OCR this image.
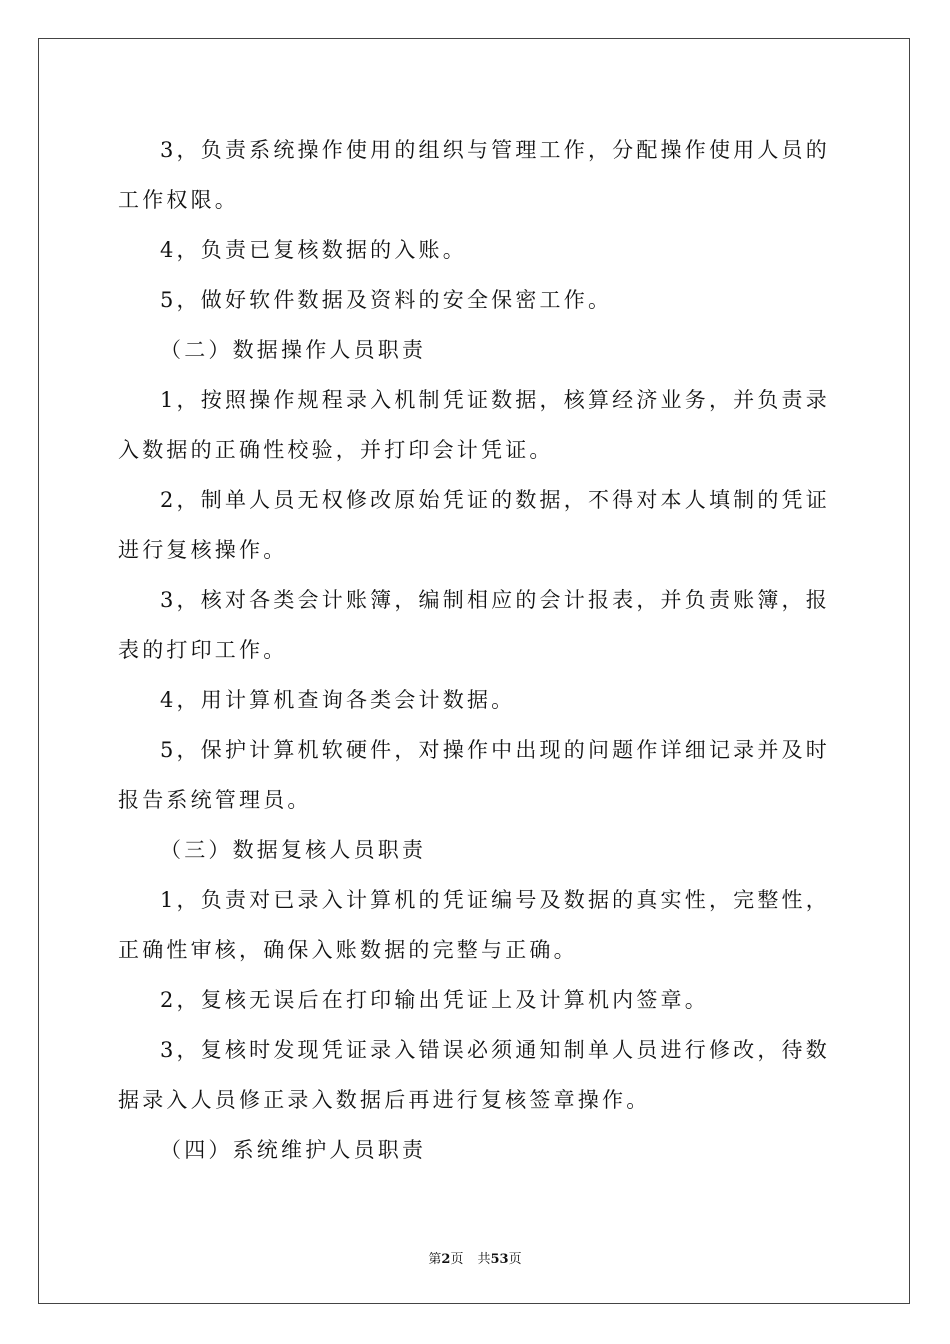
3，负责系统操作使用的组织与管理工作，分配操作使用人员的
工作权限。
4，负责已复核数据的入账。
5，做好软件数据及资料的安全保密工作。
（二）数据操作人员职责
1，按照操作规程录入机制凭证数据，核算经济业务，并负责录
入数据的正确性校验，并打印会计凭证。
2，制单人员无权修改原始凭证的数据，不得对本人填制的凭证
进行复核操作。
3，核对各类会计账簿，编制相应的会计报表，并负责账簿，报
表的打印工作。
4，用计算机查询各类会计数据。
5，保护计算机软硬件，对操作中出现的问题作详细记录并及时
报告系统管理员。
（三）数据复核人员职责
1，负责对已录入计算机的凭证编号及数据的真实性，完整性，
正确性审核，确保入账数据的完整与正确。
2，复核无误后在打印输出凭证上及计算机内签章。
3，复核时发现凭证录入错误必须通知制单人员进行修改，待数
据录入人员修正录入数据后再进行复核签章操作。
（四）系统维护人员职责
第2页 共53页
